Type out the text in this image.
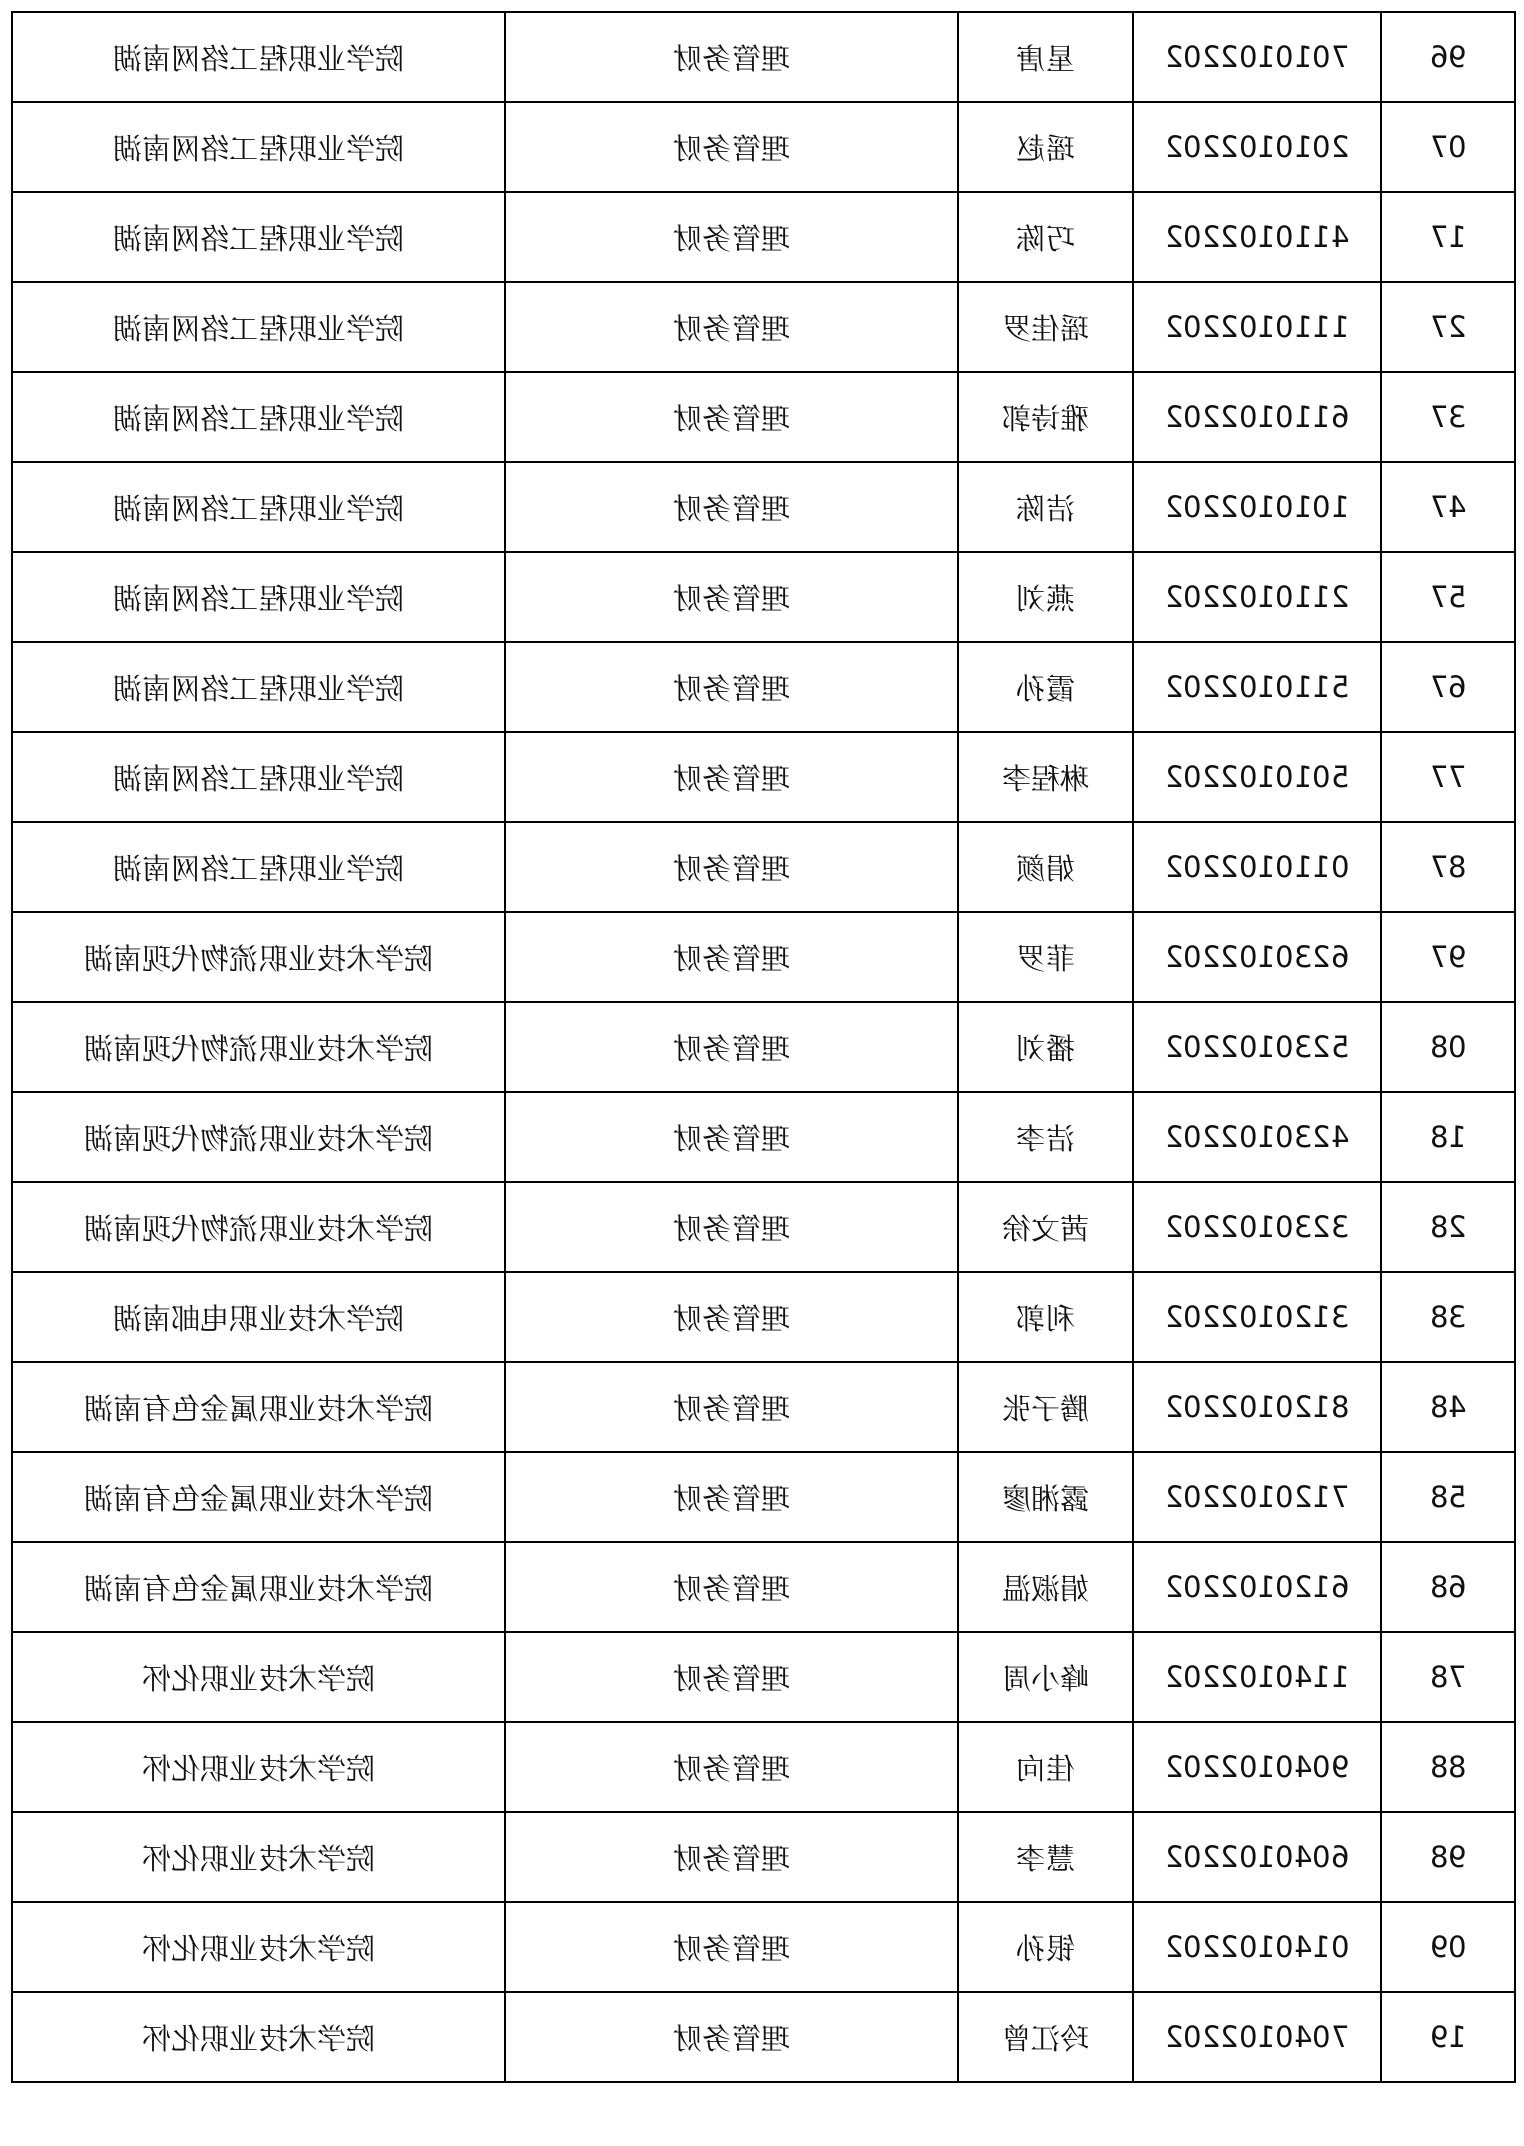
湖南网络工程职业学院	财务管理	唐星	2022010107	69
湖南网络工程职业学院	财务管理	赵瑶	2022010102	70
湖南网络工程职业学院	财务管理	陈巧	2022010114	71
湖南网络工程职业学院	财务管理	罗佳瑶	2022010111	72
湖南网络工程职业学院	财务管理	郭诗雅	2022010116	73
湖南网络工程职业学院	财务管理	陈洁	2022010101	74
湖南网络工程职业学院	财务管理	刘燕	2022010112	75
湖南网络工程职业学院	财务管理	孙霞	2022010115	76
湖南网络工程职业学院	财务管理	李程琳	2022010105	77
湖南网络工程职业学院	财务管理	颜娟	2022010110	78
湖南现代物流职业技术学院	财务管理	罗菲	2022010326	79
湖南现代物流职业技术学院	财务管理	刘播	2022010325	80
湖南现代物流职业技术学院	财务管理	李洁	2022010324	81
湖南现代物流职业技术学院	财务管理	徐文茜	2022010323	82
湖南邮电职业技术学院	财务管理	郭利	2022010213	83
湖南有色金属职业技术学院	财务管理	张子腾	2022010218	84
湖南有色金属职业技术学院	财务管理	廖湘露	2022010217	85
湖南有色金属职业技术学院	财务管理	温淑娟	2022010216	86
怀化职业技术学院	财务管理	周小峰	2022010411	87
怀化职业技术学院	财务管理	向佳	2022010409	88
怀化职业技术学院	财务管理	李慧	2022010406	89
怀化职业技术学院	财务管理	孙银	2022010410	90
怀化职业技术学院	财务管理	曾江玲	2022010407	91
